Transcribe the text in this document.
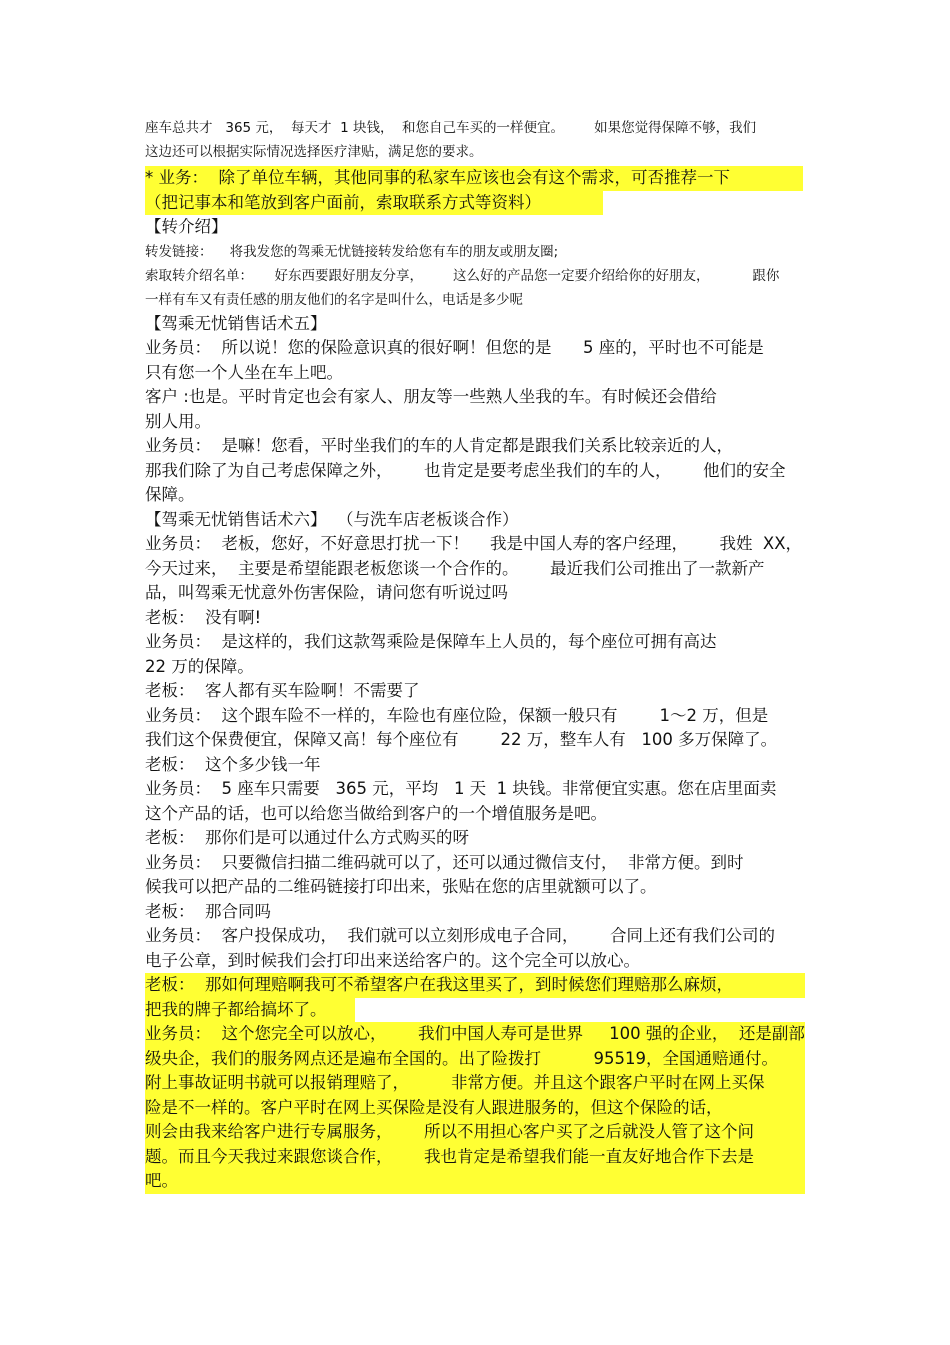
座车总共才   365 元，  每天才  1 块钱，  和您自己车买的一样便宜。       如果您觉得保障不够，我们
这边还可以根据实际情况选择医疗津贴，满足您的要求。
* 业务：  除了单位车辆，其他同事的私家车应该也会有这个需求，可否推荐一下
（把记事本和笔放到客户面前，索取联系方式等资料）
【转介绍】
转发链接：    将我发您的驾乘无忧链接转发给您有车的朋友或朋友圈;
索取转介绍名单：     好东西要跟好朋友分享，       这么好的产品您一定要介绍给你的好朋友，          跟你
一样有车又有责任感的朋友他们的名字是叫什么，电话是多少呢
【驾乘无忧销售话术五】
业务员：  所以说！您的保险意识真的很好啊！但您的是      5 座的，平时也不可能是
只有您一个人坐在车上吧。
客户 :也是。平时肯定也会有家人、朋友等一些熟人坐我的车。有时候还会借给
别人用。
业务员：  是嘛！您看，平时坐我们的车的人肯定都是跟我们关系比较亲近的人，
那我们除了为自己考虑保障之外，      也肯定是要考虑坐我们的车的人，      他们的安全
保障。
【驾乘无忧销售话术六】  （与洗车店老板谈合作）
业务员：  老板，您好，不好意思打扰一下！    我是中国人寿的客户经理，      我姓  XX，
今天过来，  主要是希望能跟老板您谈一个合作的。      最近我们公司推出了一款新产
品，叫驾乘无忧意外伤害保险，请问您有听说过吗
老板：  没有啊!
业务员：  是这样的，我们这款驾乘险是保障车上人员的，每个座位可拥有高达
22 万的保障。
老板：  客人都有买车险啊！不需要了
业务员：  这个跟车险不一样的，车险也有座位险，保额一般只有        1～2 万，但是
我们这个保费便宜，保障又高！每个座位有        22 万，整车人有   100 多万保障了。
老板：  这个多少钱一年
业务员：  5 座车只需要   365 元，平均   1 天  1 块钱。非常便宜实惠。您在店里面卖
这个产品的话，也可以给您当做给到客户的一个增值服务是吧。
老板：  那你们是可以通过什么方式购买的呀
业务员：  只要微信扫描二维码就可以了，还可以通过微信支付，  非常方便。到时
候我可以把产品的二维码链接打印出来，张贴在您的店里就额可以了。
老板：  那合同吗
业务员：  客户投保成功，  我们就可以立刻形成电子合同，      合同上还有我们公司的
电子公章，到时候我们会打印出来送给客户的。这个完全可以放心。
老板：  那如何理赔啊我可不希望客户在我这里买了，到时候您们理赔那么麻烦，
把我的牌子都给搞坏了。
业务员：  这个您完全可以放心，      我们中国人寿可是世界     100 强的企业，  还是副部
级央企，我们的服务网点还是遍布全国的。出了险拨打          95519，全国通赔通付。
附上事故证明书就可以报销理赔了，        非常方便。并且这个跟客户平时在网上买保
险是不一样的。客户平时在网上买保险是没有人跟进服务的，但这个保险的话，
则会由我来给客户进行专属服务，      所以不用担心客户买了之后就没人管了这个问
题。而且今天我过来跟您谈合作，      我也肯定是希望我们能一直友好地合作下去是
吧。
